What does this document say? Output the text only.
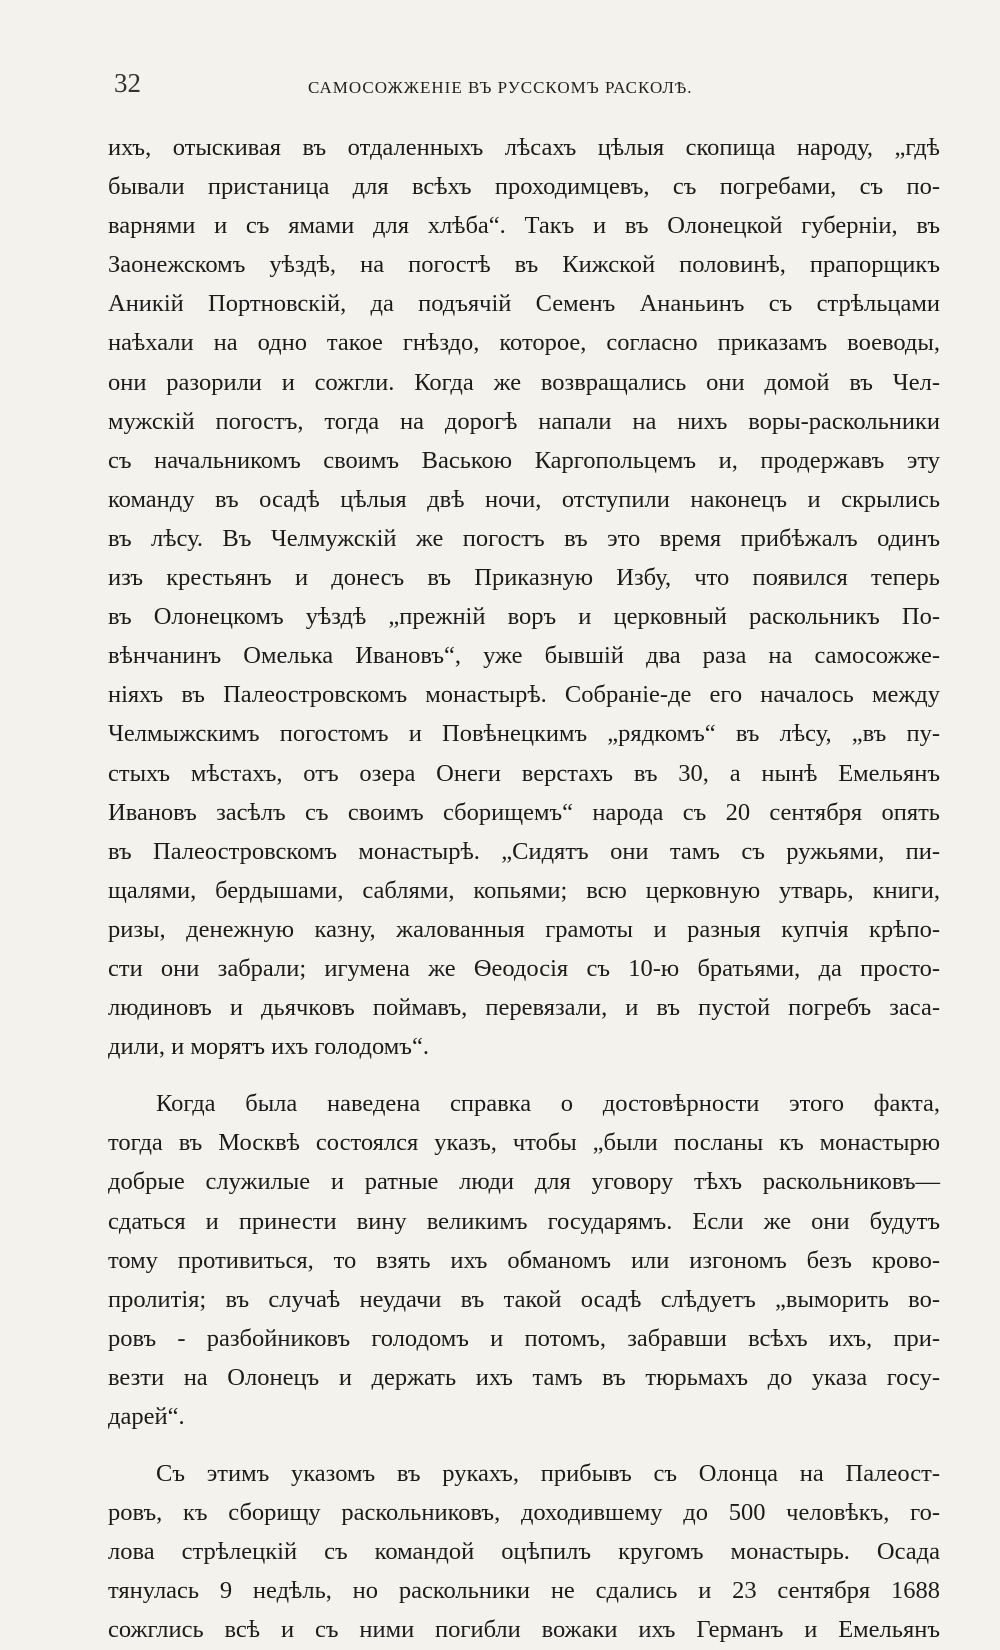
32	САМОСОЖЖЕНІЕ ВЪ РУССКОМЪ РАСКОЛѢ.
ихъ, отыскивая въ отдаленныхъ лѣсахъ цѣлыя скопища народу, „гдѣ
бывали пристаница для всѣхъ проходимцевъ, съ погребами, съ по-
варнями и съ ямами для хлѣба“. Такъ и въ Олонецкой губерніи, въ
Заонежскомъ уѣздѣ, на погостѣ въ Кижской половинѣ, прапорщикъ
Аникій Портновскій, да подъячій Семенъ Ананьинъ съ стрѣльцами
наѣхали на одно такое гнѣздо, которое, согласно приказамъ воеводы,
они разорили и сожгли. Когда же возвращались они домой въ Чел-
мужскій погостъ, тогда на дорогѣ напали на нихъ воры-раскольники
съ начальникомъ своимъ Ваською Каргопольцемъ и, продержавъ эту
команду въ осадѣ цѣлыя двѣ ночи, отступили наконецъ и скрылись
въ лѣсу. Въ Челмужскій же погостъ въ это время прибѣжалъ одинъ
изъ крестьянъ и донесъ въ Приказную Избу, что появился теперь
въ Олонецкомъ уѣздѣ „прежній воръ и церковный раскольникъ По-
вѣнчанинъ Омелька Ивановъ“, уже бывшій два раза на самосожже-
ніяхъ въ Палеостровскомъ монастырѣ. Собраніе-де его началось между
Челмыжскимъ погостомъ и Повѣнецкимъ „рядкомъ“ въ лѣсу, „въ пу-
стыхъ мѣстахъ, отъ озера Онеги верстахъ въ 30, а нынѣ Емельянъ
Ивановъ засѣлъ съ своимъ сборищемъ“ народа съ 20 сентября опять
въ Палеостровскомъ монастырѣ. „Сидятъ они тамъ съ ружьями, пи-
щалями, бердышами, саблями, копьями; всю церковную утварь, книги,
ризы, денежную казну, жалованныя грамоты и разныя купчія крѣпо-
сти они забрали; игумена же Ѳеодосія съ 10-ю братьями, да просто-
людиновъ и дьячковъ поймавъ, перевязали, и въ пустой погребъ заса-
дили, и морятъ ихъ голодомъ“.
Когда была наведена справка о достовѣрности этого факта,
тогда въ Москвѣ состоялся указъ, чтобы „были посланы къ монастырю
добрые служилые и ратные люди для уговору тѣхъ раскольниковъ—
сдаться и принести вину великимъ государямъ. Если же они будутъ
тому противиться, то взять ихъ обманомъ или изгономъ безъ крово-
пролитія; въ случаѣ неудачи въ такой осадѣ слѣдуетъ „выморить во-
ровъ - разбойниковъ голодомъ и потомъ, забравши всѣхъ ихъ, при-
везти на Олонецъ и держать ихъ тамъ въ тюрьмахъ до указа госу-
дарей“.
Съ этимъ указомъ въ рукахъ, прибывъ съ Олонца на Палеост-
ровъ, къ сборищу раскольниковъ, доходившему до 500 человѣкъ, го-
лова стрѣлецкій съ командой оцѣпилъ кругомъ монастырь. Осада
тянулась 9 недѣль, но раскольники не сдались и 23 сентября 1688
сожглись всѣ и съ ними погибли вожаки ихъ Германъ и Емельянъ
